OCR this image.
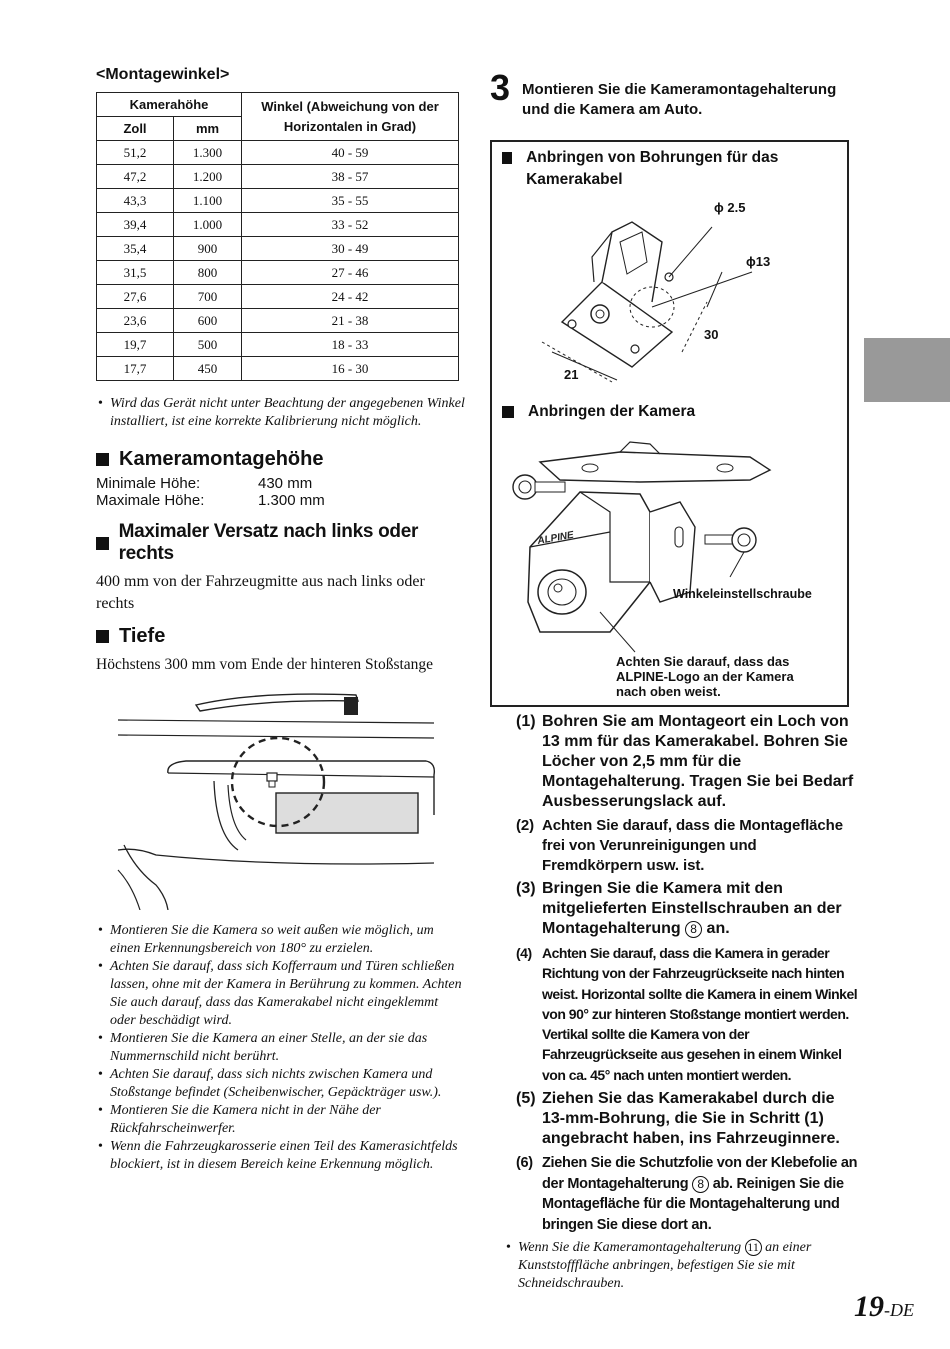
<Montagewinkel>
Kamerahöhe		Winkel (Abweichung von der Horizontalen in Grad)
Zoll	mm	
51,2	1.300	40 - 59
47,2	1.200	38 - 57
43,3	1.100	35 - 55
39,4	1.000	33 - 52
35,4	900	30 - 49
31,5	800	27 - 46
27,6	700	24 - 42
23,6	600	21 - 38
19,7	500	18 - 33
17,7	450	16 - 30
• Wird das Gerät nicht unter Beachtung der angegebenen Winkel installiert, ist eine korrekte Kalibrierung nicht möglich.
Kameramontagehöhe
Minimale Höhe:	430 mm
Maximale Höhe:	1.300 mm
Maximaler Versatz nach links oder rechts
400 mm von der Fahrzeugmitte aus nach links oder rechts
Tiefe
Höchstens 300 mm vom Ende der hinteren Stoßstange
• Montieren Sie die Kamera so weit außen wie möglich, um einen Erkennungsbereich von 180° zu erzielen.
• Achten Sie darauf, dass sich Kofferraum und Türen schließen lassen, ohne mit der Kamera in Berührung zu kommen. Achten Sie auch darauf, dass das Kamerakabel nicht eingeklemmt oder beschädigt wird.
• Montieren Sie die Kamera an einer Stelle, an der sie das Nummernschild nicht berührt.
• Achten Sie darauf, dass sich nichts zwischen Kamera und Stoßstange befindet (Scheibenwischer, Gepäckträger usw.).
• Montieren Sie die Kamera nicht in der Nähe der Rückfahrscheinwerfer.
• Wenn die Fahrzeugkarosserie einen Teil des Kamerasichtfelds blockiert, ist in diesem Bereich keine Erkennung möglich.
3 Montieren Sie die Kameramontagehalterung und die Kamera am Auto.
Anbringen von Bohrungen für das Kamerakabel
ϕ 2.5
ϕ13
30
21
Anbringen der Kamera
ALPINE
Winkeleinstellschraube
Achten Sie darauf, dass das ALPINE-Logo an der Kamera nach oben weist.
(1) Bohren Sie am Montageort ein Loch von 13 mm für das Kamerakabel. Bohren Sie Löcher von 2,5 mm für die Montagehalterung. Tragen Sie bei Bedarf Ausbesserungslack auf.
(2) Achten Sie darauf, dass die Montagefläche frei von Verunreinigungen und Fremdkörpern usw. ist.
(3) Bringen Sie die Kamera mit den mitgelieferten Einstellschrauben an der Montagehalterung 8 an.
(4) Achten Sie darauf, dass die Kamera in gerader Richtung von der Fahrzeugrückseite nach hinten weist. Horizontal sollte die Kamera in einem Winkel von 90° zur hinteren Stoßstange montiert werden. Vertikal sollte die Kamera von der Fahrzeugrückseite aus gesehen in einem Winkel von ca. 45° nach unten montiert werden.
(5) Ziehen Sie das Kamerakabel durch die 13-mm-Bohrung, die Sie in Schritt (1) angebracht haben, ins Fahrzeuginnere.
(6) Ziehen Sie die Schutzfolie von der Klebefolie an der Montagehalterung 8 ab. Reinigen Sie die Montagefläche für die Montagehalterung und bringen Sie diese dort an.
• Wenn Sie die Kameramontagehalterung 11 an einer Kunststofffläche anbringen, befestigen Sie sie mit Schneidschrauben.
19-DE
